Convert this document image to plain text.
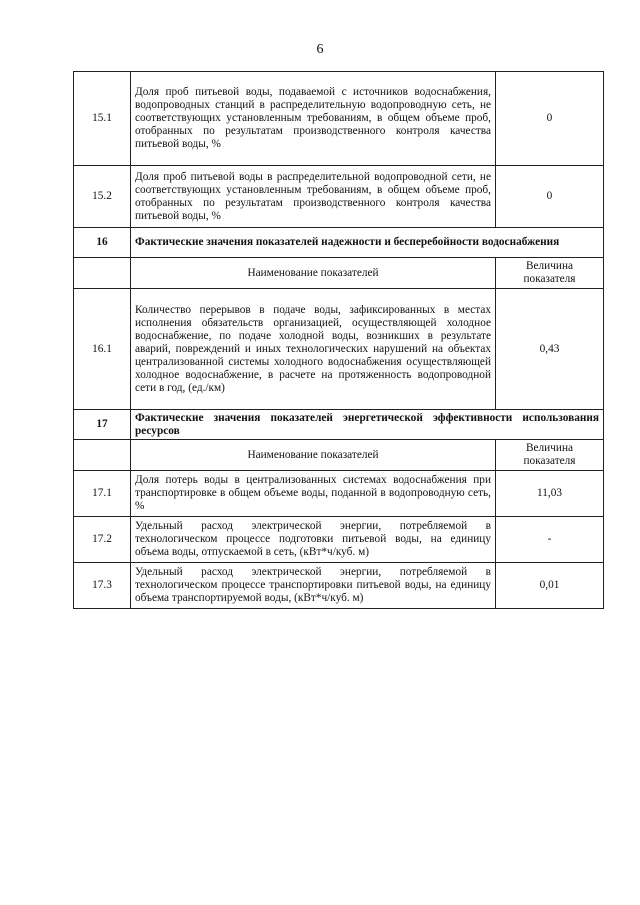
6
15.1	Доля проб питьевой воды, подаваемой с источников водоснабжения, водопроводных станций в распределительную водопроводную сеть, не соответствующих установленным требованиям, в общем объеме проб, отобранных по результатам производственного контроля качества питьевой воды, %	0
15.2	Доля проб питьевой воды в распределительной водопроводной сети, не соответствующих установленным требованиям, в общем объеме проб, отобранных по результатам производственного контроля качества питьевой воды, %	0
16	Фактические значения показателей надежности и бесперебойности водоснабжения	
	Наименование показателей	Величина показателя
16.1	Количество перерывов в подаче воды, зафиксированных в местах исполнения обязательств организацией, осуществляющей холодное водоснабжение, по подаче холодной воды, возникших в результате аварий, повреждений и иных технологических нарушений на объектах централизованной системы холодного водоснабжения осуществляющей холодное водоснабжение, в расчете на протяженность водопроводной сети в год, (ед./км)	0,43
17	Фактические значения показателей энергетической эффективности использования ресурсов	
	Наименование показателей	Величина показателя
17.1	Доля потерь воды в централизованных системах водоснабжения при транспортировке в общем объеме воды, поданной в водопроводную сеть, %	11,03
17.2	Удельный расход электрической энергии, потребляемой в технологическом процессе подготовки питьевой воды, на единицу объема воды, отпускаемой в сеть, (кВт*ч/куб. м)	-
17.3	Удельный расход электрической энергии, потребляемой в технологическом процессе транспортировки питьевой воды, на единицу объема транспортируемой воды, (кВт*ч/куб. м)	0,01
